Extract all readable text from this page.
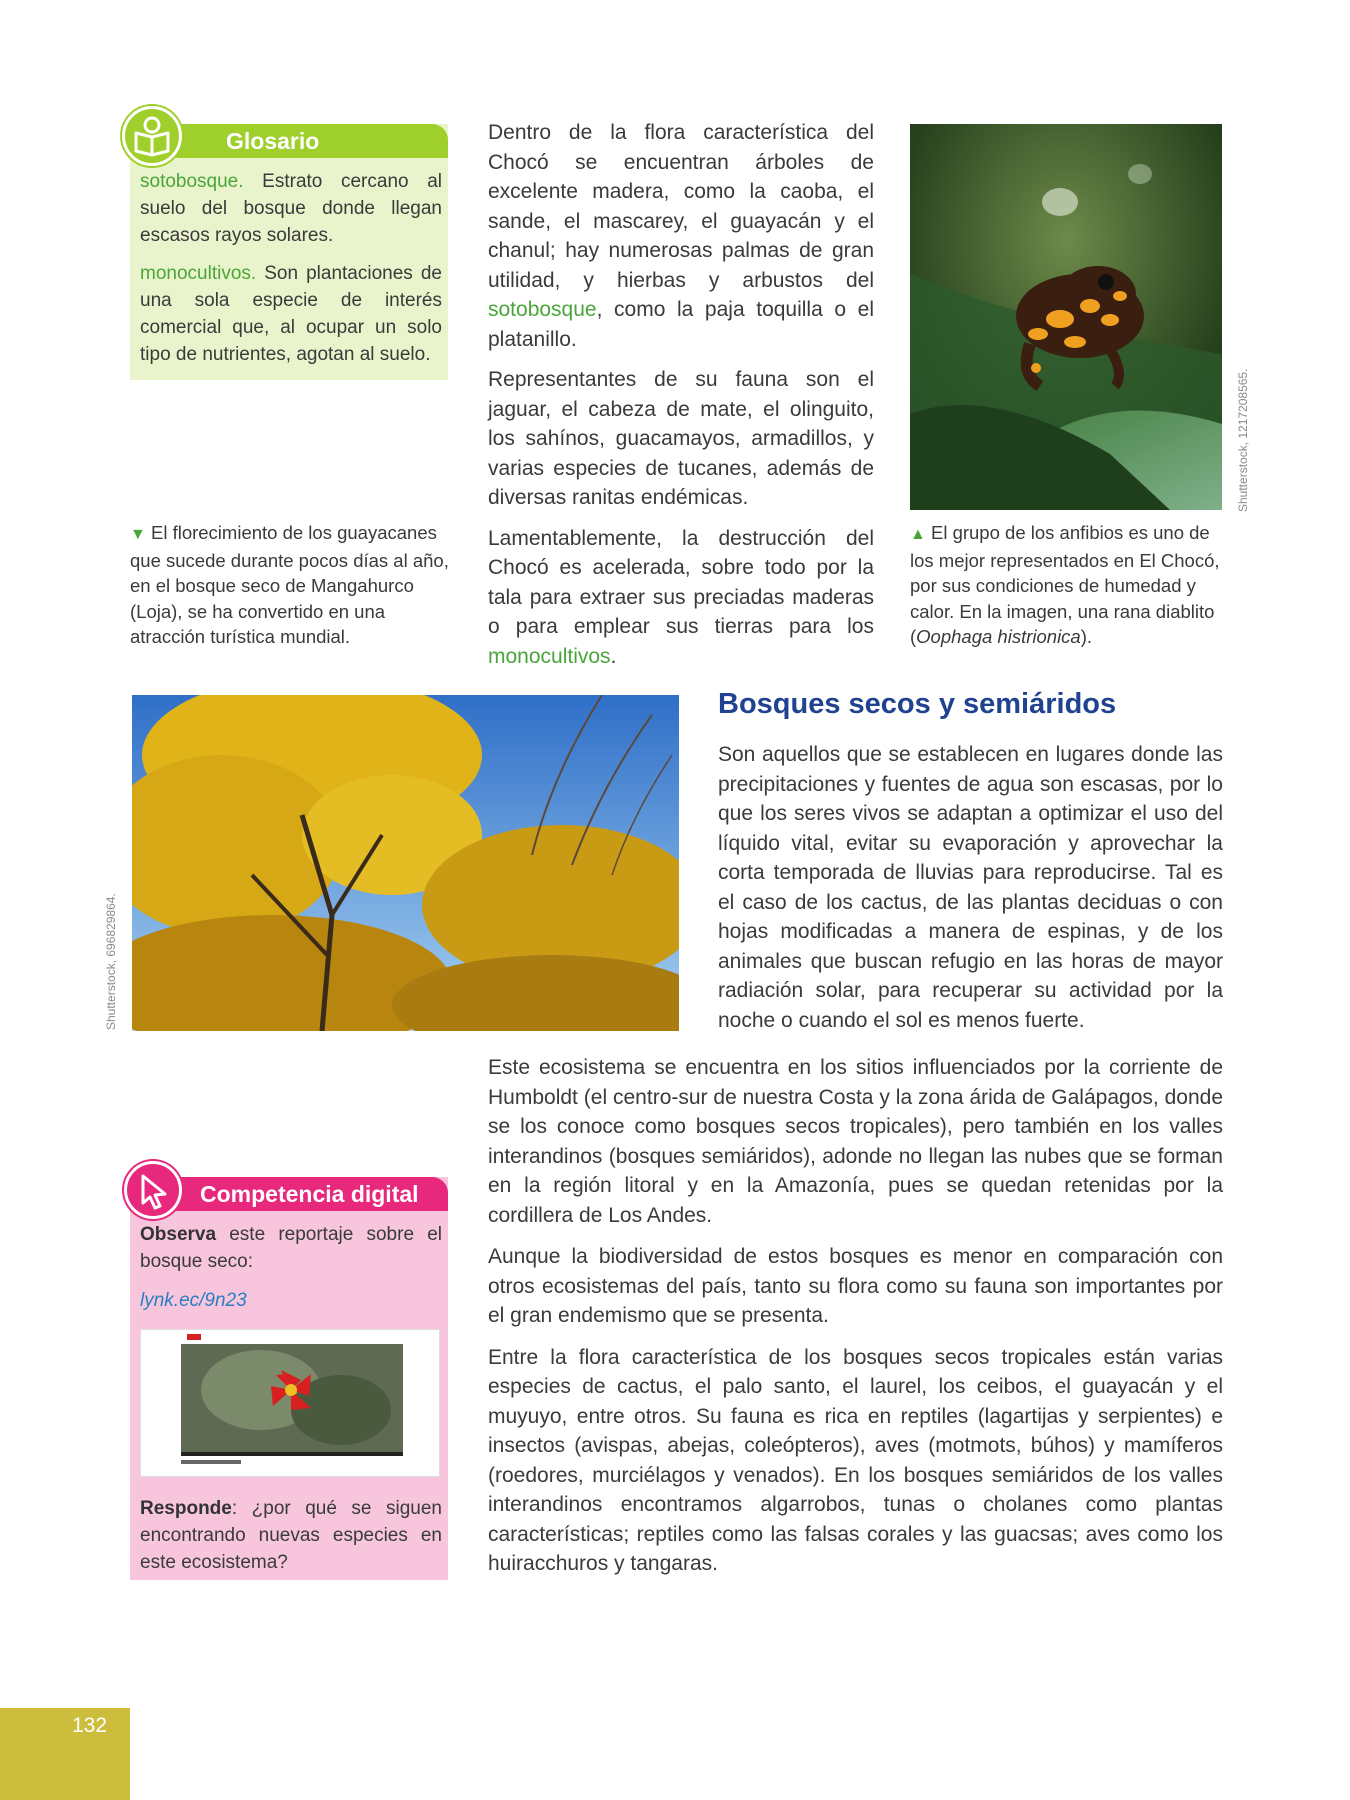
Glosario

sotobosque. Estrato cercano al suelo del bosque donde llegan escasos rayos solares.

monocultivos. Son plantaciones de una sola especie de interés comercial que, al ocupar un solo tipo de nutrientes, agotan al suelo.

▼ El florecimiento de los guayacanes que sucede durante pocos días al año, en el bosque seco de Mangahurco (Loja), se ha convertido en una atracción turística mundial.

Dentro de la flora característica del Chocó se encuentran árboles de excelente madera, como la caoba, el sande, el mascarey, el guayacán y el chanul; hay numerosas palmas de gran utilidad, y hierbas y arbustos del sotobosque, como la paja toquilla o el platanillo.

Representantes de su fauna son el jaguar, el cabeza de mate, el olinguito, los sahínos, guacamayos, armadillos, y varias especies de tucanes, además de diversas ranitas endémicas.

Lamentablemente, la destrucción del Chocó es acelerada, sobre todo por la tala para extraer sus preciadas maderas o para emplear sus tierras para los monocultivos.

Shutterstock, 1217208565.
▲ El grupo de los anfibios es uno de los mejor representados en El Chocó, por sus condiciones de humedad y calor. En la imagen, una rana diablito (Oophaga histrionica).
Shutterstock, 696829864.
Bosques secos y semiáridos
Son aquellos que se establecen en lugares donde las precipitaciones y fuentes de agua son escasas, por lo que los seres vivos se adaptan a optimizar el uso del líquido vital, evitar su evaporación y aprovechar la corta temporada de lluvias para reproducirse. Tal es el caso de los cactus, de las plantas deciduas o con hojas modificadas a manera de espinas, y de los animales que buscan refugio en las horas de mayor radiación solar, para recuperar su actividad por la noche o cuando el sol es menos fuerte.

Este ecosistema se encuentra en los sitios influenciados por la corriente de Humboldt (el centro-sur de nuestra Costa y la zona árida de Galápagos, donde se los conoce como bosques secos tropicales), pero también en los valles interandinos (bosques semiáridos), adonde no llegan las nubes que se forman en la región litoral y en la Amazonía, pues se quedan retenidas por la cordillera de Los Andes.

Aunque la biodiversidad de estos bosques es menor en comparación con otros ecosistemas del país, tanto su flora como su fauna son importantes por el gran endemismo que se presenta.

Entre la flora característica de los bosques secos tropicales están varias especies de cactus, el palo santo, el laurel, los ceibos, el guayacán y el muyuyo, entre otros. Su fauna es rica en reptiles (lagartijas y serpientes) e insectos (avispas, abejas, coleópteros), aves (motmots, búhos) y mamíferos (roedores, murciélagos y venados). En los bosques semiáridos de los valles interandinos encontramos algarrobos, tunas o cholanes como plantas características; reptiles como las falsas corales y las guacsas; aves como los huiracchuros y tangaras.

Competencia digital
Observa este reportaje sobre el bosque seco:
lynk.ec/9n23
Responde: ¿por qué se siguen encontrando nuevas especies en este ecosistema?
132
